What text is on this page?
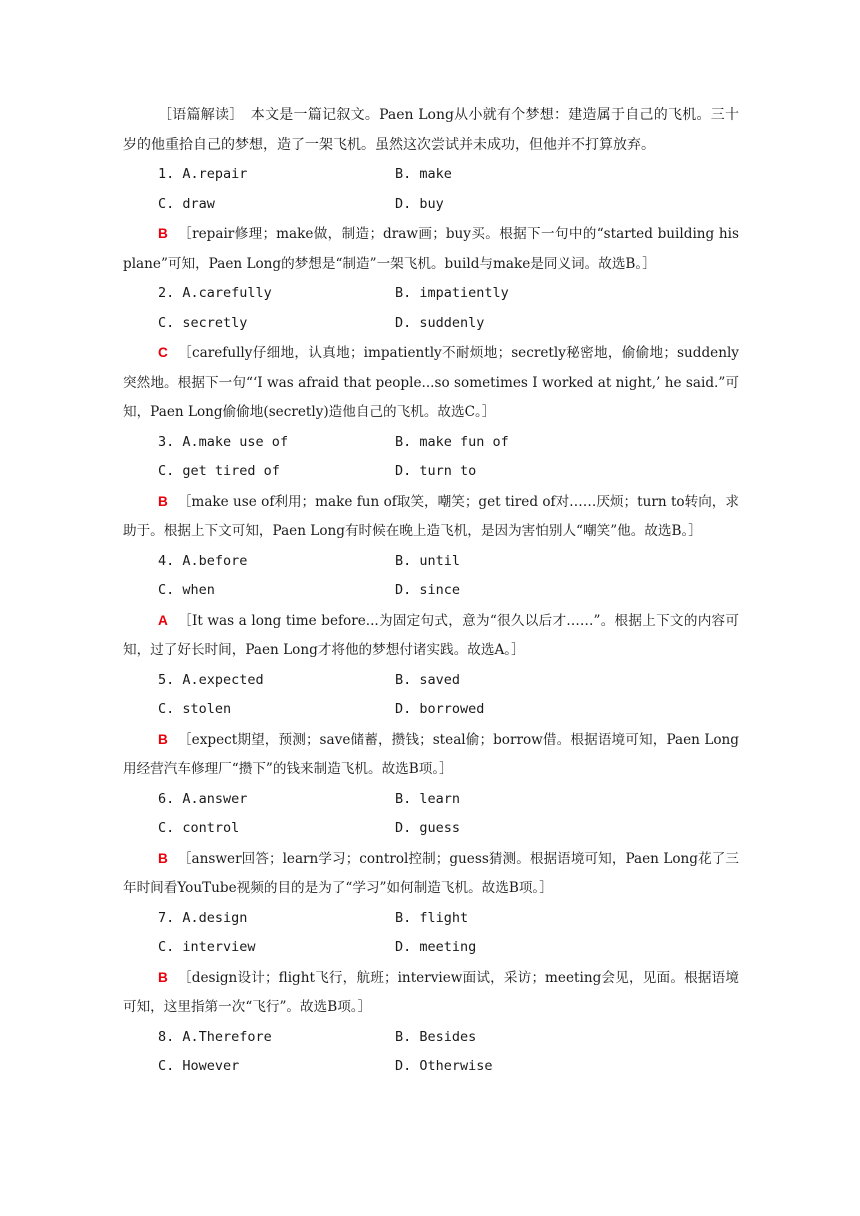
［语篇解读］　 本文是一篇记叙文。Paen Long从小就有个梦想：建造属于自己的飞机。三十岁的他重拾自己的梦想，造了一架飞机。虽然这次尝试并未成功，但他并不打算放弃。

1. A.repair	B. make
C. draw	D. buy

B ［repair修理；make做，制造；draw画；buy买。根据下一句中的“started building his plane”可知，Paen Long的梦想是“制造”一架飞机。build与make是同义词。故选B。］

2. A.carefully	B. impatiently
C. secretly	D. suddenly

C ［carefully仔细地，认真地；impatiently不耐烦地；secretly秘密地，偷偷地；suddenly突然地。根据下一句“‘I was afraid that people...so sometimes I worked at night,’ he said.”可知，Paen Long偷偷地(secretly)造他自己的飞机。故选C。］

3. A.make use of	B. make fun of
C. get tired of	D. turn to

B ［make use of利用；make fun of取笑，嘲笑；get tired of对……厌烦；turn to转向，求助于。根据上下文可知，Paen Long有时候在晚上造飞机，是因为害怕别人“嘲笑”他。故选B。］

4. A.before	B. until
C. when	D. since

A ［It was a long time before...为固定句式，意为“很久以后才……”。根据上下文的内容可知，过了好长时间，Paen Long才将他的梦想付诸实践。故选A。］

5. A.expected	B. saved
C. stolen	D. borrowed

B ［expect期望，预测；save储蓄，攒钱；steal偷；borrow借。根据语境可知，Paen Long用经营汽车修理厂“攒下”的钱来制造飞机。故选B项。］

6. A.answer	B. learn
C. control	D. guess

B ［answer回答；learn学习；control控制；guess猜测。根据语境可知，Paen Long花了三年时间看YouTube视频的目的是为了“学习”如何制造飞机。故选B项。］

7. A.design	B. flight
C. interview	D. meeting

B ［design设计；flight飞行，航班；interview面试，采访；meeting会见，见面。根据语境可知，这里指第一次“飞行”。故选B项。］

8. A.Therefore	B. Besides
C. However	D. Otherwise
